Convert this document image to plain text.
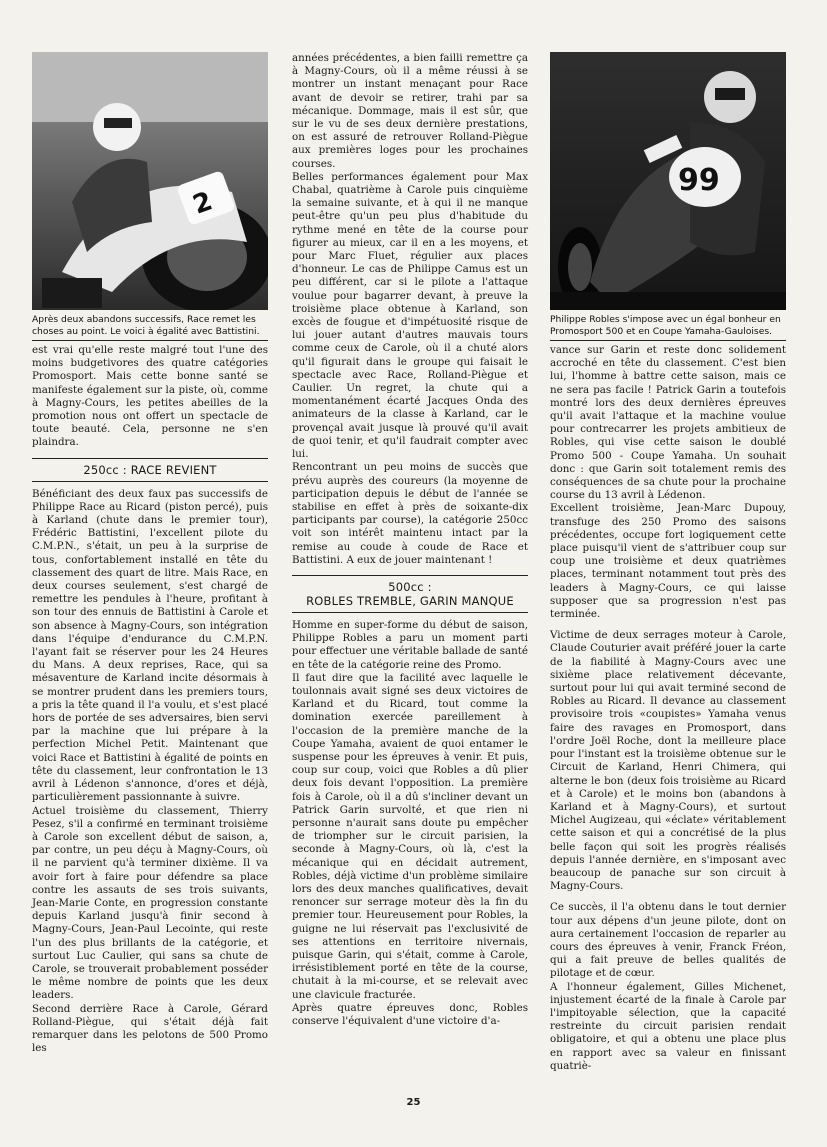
2
Après deux abandons successifs, Race remet les choses au point. Le voici à égalité avec Battistini.

est vrai qu'elle reste malgré tout l'une des moins budgetivores des quatre catégories Promosport. Mais cette bonne santé se manifeste également sur la piste, où, comme à Magny-Cours, les petites abeilles de la promotion nous ont offert un spectacle de toute beauté. Cela, personne ne s'en plaindra.

250cc : RACE REVIENT

Bénéficiant des deux faux pas successifs de Philippe Race au Ricard (piston percé), puis à Karland (chute dans le premier tour), Frédéric Battistini, l'excellent pilote du C.M.P.N., s'était, un peu à la surprise de tous, confortablement installé en tête du classement des quart de litre. Mais Race, en deux courses seulement, s'est chargé de remettre les pendules à l'heure, profitant à son tour des ennuis de Battistini à Carole et son absence à Magny-Cours, son intégration dans l'équipe d'endurance du C.M.P.N. l'ayant fait se réserver pour les 24 Heures du Mans. A deux reprises, Race, qui sa mésaventure de Karland incite désormais à se montrer prudent dans les premiers tours, a pris la tête quand il l'a voulu, et s'est placé hors de portée de ses adversaires, bien servi par la machine que lui prépare à la perfection Michel Petit. Maintenant que voici Race et Battistini à égalité de points en tête du classement, leur confrontation le 13 avril à Lédenon s'annonce, d'ores et déjà, particulièrement passionnante à suivre.

Actuel troisième du classement, Thierry Pesez, s'il a confirmé en terminant troisième à Carole son excellent début de saison, a, par contre, un peu déçu à Magny-Cours, où il ne parvient qu'à terminer dixième. Il va avoir fort à faire pour défendre sa place contre les assauts de ses trois suivants, Jean-Marie Conte, en progression constante depuis Karland jusqu'à finir second à Magny-Cours, Jean-Paul Lecointe, qui reste l'un des plus brillants de la catégorie, et surtout Luc Caulier, qui sans sa chute de Carole, se trouverait probablement posséder le même nombre de points que les deux leaders.

Second derrière Race à Carole, Gérard Rolland-Piègue, qui s'était déjà fait remarquer dans les pelotons de 500 Promo les

années précédentes, a bien failli remettre ça à Magny-Cours, où il a même réussi à se montrer un instant menaçant pour Race avant de devoir se retirer, trahi par sa mécanique. Dommage, mais il est sûr, que sur le vu de ses deux dernière prestations, on est assuré de retrouver Rolland-Piègue aux premières loges pour les prochaines courses.

Belles performances également pour Max Chabal, quatrième à Carole puis cinquième la semaine suivante, et à qui il ne manque peut-être qu'un peu plus d'habitude du rythme mené en tête de la course pour figurer au mieux, car il en a les moyens, et pour Marc Fluet, régulier aux places d'honneur. Le cas de Philippe Camus est un peu différent, car si le pilote a l'attaque voulue pour bagarrer devant, à preuve la troisième place obtenue à Karland, son excès de fougue et d'impétuosité risque de lui jouer autant d'autres mauvais tours comme ceux de Carole, où il a chuté alors qu'il figurait dans le groupe qui faisait le spectacle avec Race, Rolland-Piègue et Caulier. Un regret, la chute qui a momentanément écarté Jacques Onda des animateurs de la classe à Karland, car le provençal avait jusque là prouvé qu'il avait de quoi tenir, et qu'il faudrait compter avec lui.

Rencontrant un peu moins de succès que prévu auprès des coureurs (la moyenne de participation depuis le début de l'année se stabilise en effet à près de soixante-dix participants par course), la catégorie 250cc voit son intérêt maintenu intact par la remise au coude à coude de Race et Battistini. A eux de jouer maintenant !

500cc :
ROBLES TREMBLE, GARIN MANQUE

Homme en super-forme du début de saison, Philippe Robles a paru un moment parti pour effectuer une véritable ballade de santé en tête de la catégorie reine des Promo.

Il faut dire que la facilité avec laquelle le toulonnais avait signé ses deux victoires de Karland et du Ricard, tout comme la domination exercée pareillement à l'occasion de la première manche de la Coupe Yamaha, avaient de quoi entamer le suspense pour les épreuves à venir. Et puis, coup sur coup, voici que Robles a dû plier deux fois devant l'opposition. La première fois à Carole, où il a dû s'incliner devant un Patrick Garin survolté, et que rien ni personne n'aurait sans doute pu empêcher de triompher sur le circuit parisien, la seconde à Magny-Cours, où là, c'est la mécanique qui en décidait autrement, Robles, déjà victime d'un problème similaire lors des deux manches qualificatives, devait renoncer sur serrage moteur dès la fin du premier tour. Heureusement pour Robles, la guigne ne lui réservait pas l'exclusivité de ses attentions en territoire nivernais, puisque Garin, qui s'était, comme à Carole, irrésistiblement porté en tête de la course, chutait à la mi-course, et se relevait avec une clavicule fracturée.

Après quatre épreuves donc, Robles conserve l'équivalent d'une victoire d'a-

99
Philippe Robles s'impose avec un égal bonheur en Promosport 500 et en Coupe Yamaha-Gauloises.

vance sur Garin et reste donc solidement accroché en tête du classement. C'est bien lui, l'homme à battre cette saison, mais ce ne sera pas facile ! Patrick Garin a toutefois montré lors des deux dernières épreuves qu'il avait l'attaque et la machine voulue pour contrecarrer les projets ambitieux de Robles, qui vise cette saison le doublé Promo 500 - Coupe Yamaha. Un souhait donc : que Garin soit totalement remis des conséquences de sa chute pour la prochaine course du 13 avril à Lédenon.

Excellent troisième, Jean-Marc Dupouy, transfuge des 250 Promo des saisons précédentes, occupe fort logiquement cette place puisqu'il vient de s'attribuer coup sur coup une troisième et deux quatrièmes places, terminant notamment tout près des leaders à Magny-Cours, ce qui laisse supposer que sa progression n'est pas terminée.

Victime de deux serrages moteur à Carole, Claude Couturier avait préféré jouer la carte de la fiabilité à Magny-Cours avec une sixième place relativement décevante, surtout pour lui qui avait terminé second de Robles au Ricard. Il devance au classement provisoire trois «coupistes» Yamaha venus faire des ravages en Promosport, dans l'ordre Joël Roche, dont la meilleure place pour l'instant est la troisième obtenue sur le Circuit de Karland, Henri Chimera, qui alterne le bon (deux fois troisième au Ricard et à Carole) et le moins bon (abandons à Karland et à Magny-Cours), et surtout Michel Augizeau, qui «éclate» véritablement cette saison et qui a concrétisé de la plus belle façon qui soit les progrès réalisés depuis l'année dernière, en s'imposant avec beaucoup de panache sur son circuit à Magny-Cours.

Ce succès, il l'a obtenu dans le tout dernier tour aux dépens d'un jeune pilote, dont on aura certainement l'occasion de reparler au cours des épreuves à venir, Franck Fréon, qui a fait preuve de belles qualités de pilotage et de cœur.

A l'honneur également, Gilles Michenet, injustement écarté de la finale à Carole par l'impitoyable sélection, que la capacité restreinte du circuit parisien rendait obligatoire, et qui a obtenu une place plus en rapport avec sa valeur en finissant quatriè-

25
